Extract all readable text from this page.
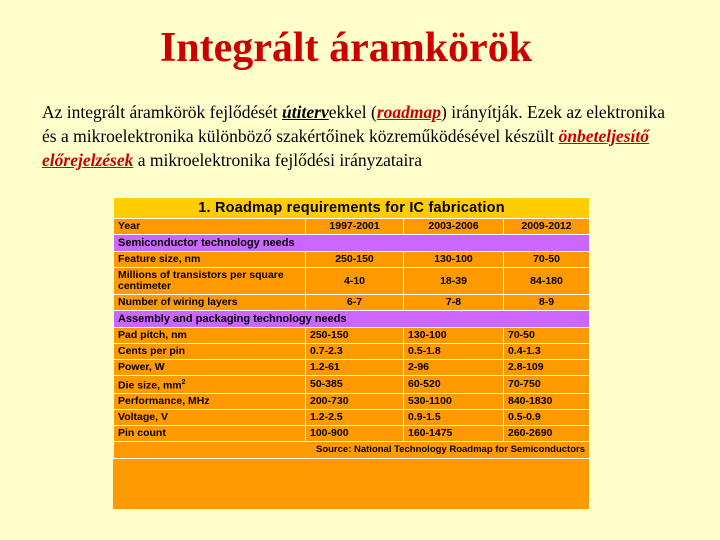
Integrált áramkörök
Az integrált áramkörök fejlődését útitervekkel (roadmap) irányítják. Ezek az elektronika és a mikroelektronika különböző szakértőinek közreműködésével készült önbeteljesítő előrejelzések a mikroelektronika fejlődési irányzataira
1. Roadmap requirements for IC fabrication			
Year	1997-2001	2003-2006	2009-2012
Semiconductor technology needs			
Feature size, nm	250-150	130-100	70-50
Millions of transistors per square centimeter	4-10	18-39	84-180
Number of wiring layers	6-7	7-8	8-9
Assembly and packaging technology needs			
Pad pitch, nm	250-150	130-100	70-50
Cents per pin	0.7-2.3	0.5-1.8	0.4-1.3
Power, W	1.2-61	2-96	2.8-109
Die size, $mm^2$	50-385	60-520	70-750
Performance, MHz	200-730	530-1100	840-1830
Voltage, V	1.2-2.5	0.9-1.5	0.5-0.9
Pin count	100-900	160-1475	260-2690
Source: National Technology Roadmap for Semiconductors			
